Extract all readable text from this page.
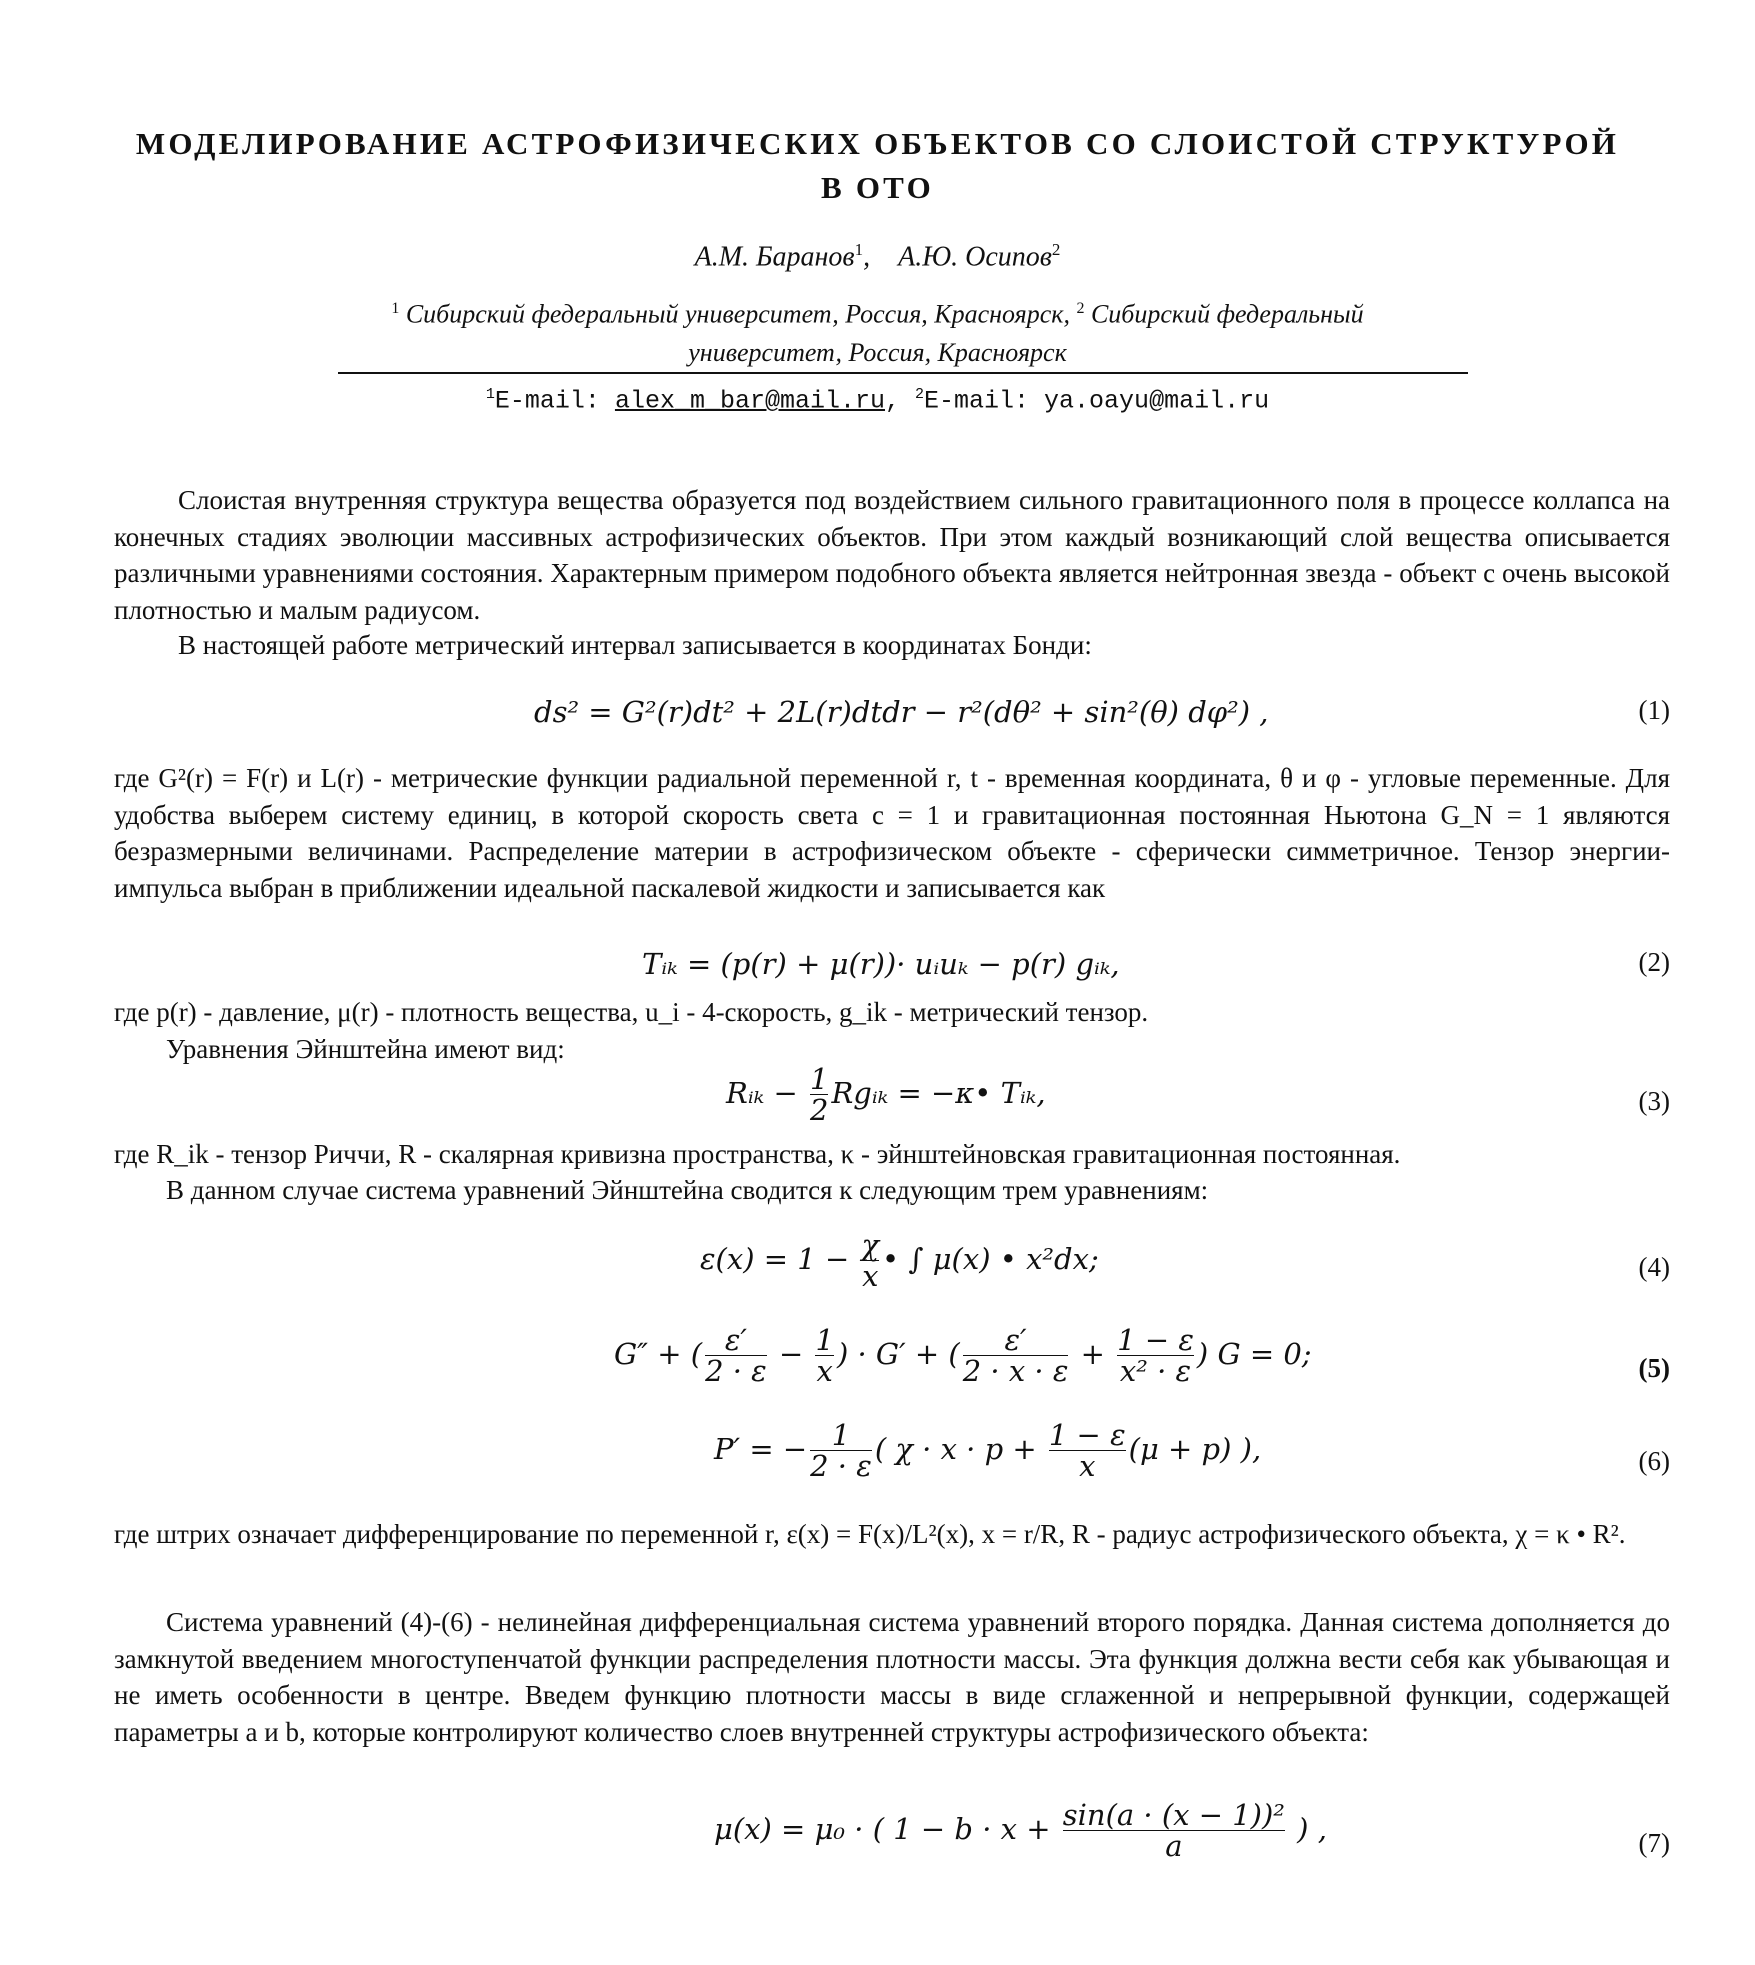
МОДЕЛИРОВАНИЕ АСТРОФИЗИЧЕСКИХ ОБЪЕКТОВ СО СЛОИСТОЙ СТРУКТУРОЙ
В ОТО
А.М. Баранов$^1$,    А.Ю. Осипов$^2$
$^1$ Сибирский федеральный университет, Россия, Красноярск, $^2$ Сибирский федеральный университет, Россия, Красноярск
$^1$E-mail: alex_m_bar@mail.ru, $^2$E-mail: ya.oayu@mail.ru

Слоистая внутренняя структура вещества образуется под воздействием сильного гравитационного поля в процессе коллапса на конечных стадиях эволюции массивных астрофизических объектов. При этом каждый возникающий слой вещества описывается различными уравнениями состояния. Характерным примером подобного объекта является нейтронная звезда - объект с очень высокой плотностью и малым радиусом.

В настоящей работе метрический интервал записывается в координатах Бонди:

ds² = G²(r)dt² + 2L(r)dtdr − r²(dθ² + sin²(θ) dφ²) ,	(1)

где G²(r) = F(r) и L(r) - метрические функции радиальной переменной r, t - временная координата, θ и φ - угловые переменные. Для удобства выберем систему единиц, в которой скорость света c = 1 и гравитационная постоянная Ньютона G_N = 1 являются безразмерными величинами. Распределение материи в астрофизическом объекте - сферически симметричное. Тензор энергии-импульса выбран в приближении идеальной паскалевой жидкости и записывается как

Tᵢₖ = (p(r) + μ(r))· uᵢuₖ − p(r) gᵢₖ,	(2)

где p(r) - давление, μ(r) - плотность вещества, u_i - 4-скорость, g_ik - метрический тензор.

Уравнения Эйнштейна имеют вид:

Rᵢₖ − $\frac{1}{2}$ Rgᵢₖ = −κ• Tᵢₖ,	(3)

где R_ik - тензор Риччи, R - скалярная кривизна пространства, κ - эйнштейновская гравитационная постоянная.

В данном случае система уравнений Эйнштейна сводится к следующим трем уравнениям:

$\varepsilon(x) = 1 - \frac{\chi}{x}$ • ∫ μ(x) • x²dx;	(4)
G″ + ( $\frac{\varepsilon'}{2 \cdot \varepsilon} - \frac{1}{x}$ ) · G′ + ( $\frac{\varepsilon'}{2 \cdot x \cdot \varepsilon} + \frac{1 - \varepsilon}{\text{x² · ε}}$ ) G = 0;	(5)
P′ = − $\frac{1}{2 \cdot \varepsilon}$ ( $\chi \cdot x \cdot p + \frac{1 - \varepsilon}{x} (\mu + p)$ ),	(6)

где штрих означает дифференцирование по переменной r, ε(x) = F(x)/L²(x), x = r/R, R - радиус астрофизического объекта, χ = κ • R².

Система уравнений (4)-(6) - нелинейная дифференциальная система уравнений второго порядка. Данная система дополняется до замкнутой введением многоступенчатой функции распределения плотности массы. Эта функция должна вести себя как убывающая и не иметь особенности в центре. Введем функцию плотности массы в виде сглаженной и непрерывной функции, содержащей параметры a и b, которые контролируют количество слоев внутренней структуры астрофизического объекта:

μ(x) = μ₀ · ( $1 - b \cdot x + \frac{\text{sin(a · (x − 1))²}}{a}$ ) ,	(7)
